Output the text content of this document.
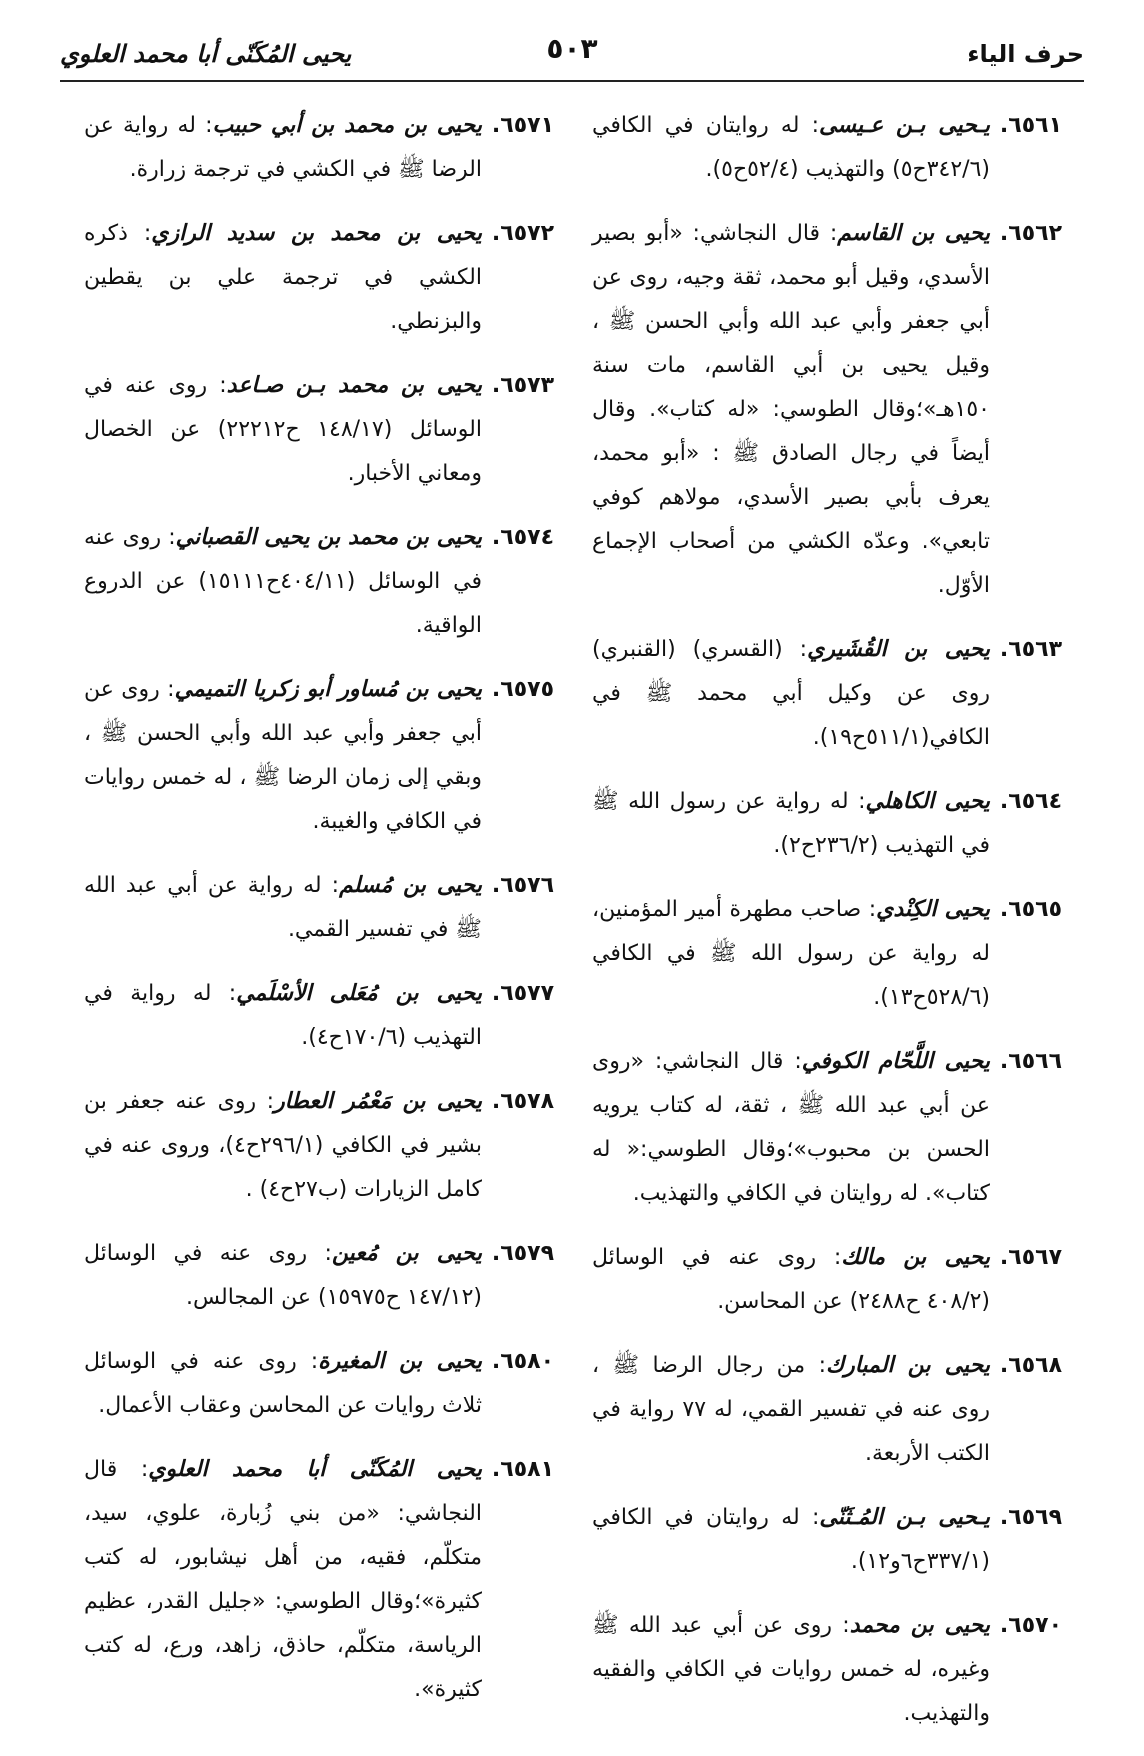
حرف الياء
٥٠٣
يحيى المُكَنّى أبا محمد العلوي

٦٥٦١.
يـحيى بـن عـيسى: له روايتان في الكافي (٣٤٢/٦ح٥) والتهذيب (٥٢/٤ح٥).

٦٥٦٢.
يحيى بن القاسم: قال النجاشي: «أبو بصير الأسدي، وقيل أبو محمد، ثقة وجيه، روى عن أبي جعفر وأبي عبد الله وأبي الحسن ﷺ ، وقيل يحيى بن أبي القاسم، مات سنة ١٥٠هـ»؛وقال الطوسي: «له كتاب». وقال أيضاً في رجال الصادق ﷺ : «أبو محمد، يعرف بأبي بصير الأسدي، مولاهم كوفي تابعي». وعدّه الكشي من أصحاب الإجماع الأوّل.

٦٥٦٣.
يحيى بن القُشَيري: (القسري) (القنبري) روى عن وكيل أبي محمد ﷺ في الكافي(٥١١/١ح١٩).

٦٥٦٤.
يحيى الكاهلي: له رواية عن رسول الله ﷺ في التهذيب (٢٣٦/٢ح٢).

٦٥٦٥.
يحيى الكِنْدي: صاحب مطهرة أمير المؤمنين، له رواية عن رسول الله ﷺ في الكافي (٥٢٨/٦ح١٣).

٦٥٦٦.
يحيى اللَّحّام الكوفي: قال النجاشي: «روى عن أبي عبد الله ﷺ ، ثقة، له كتاب يرويه الحسن بن محبوب»؛وقال الطوسي:« له كتاب». له روايتان في الكافي والتهذيب.

٦٥٦٧.
يحيى بن مالك: روى عنه في الوسائل (٤٠٨/٢ ح٢٤٨٨) عن المحاسن.

٦٥٦٨.
يحيى بن المبارك: من رجال الرضا ﷺ ، روى عنه في تفسير القمي، له ٧٧ رواية في الكتب الأربعة.

٦٥٦٩.
يـحيى بـن المُـثَنّى: له روايتان في الكافي (٣٣٧/١ح٦و١٢).

٦٥٧٠.
يحيى بن محمد: روى عن أبي عبد الله ﷺ وغيره، له خمس روايات في الكافي والفقيه والتهذيب.

٦٥٧١.
يحيى بن محمد بن أبي حبيب: له رواية عن الرضا ﷺ في الكشي في ترجمة زرارة.

٦٥٧٢.
يحيى بن محمد بن سديد الرازي: ذكره الكشي في ترجمة علي بن يقطين والبزنطي.

٦٥٧٣.
يحيى بن محمد بـن صـاعد: روى عنه في الوسائل (١٤٨/١٧ ح٢٢٢١٢) عن الخصال ومعاني الأخبار.

٦٥٧٤.
يحيى بن محمد بن يحيى القصباني: روى عنه في الوسائل (٤٠٤/١١ح١٥١١١) عن الدروع الواقية.

٦٥٧٥.
يحيى بن مُساور أبو زكريا التميمي: روى عن أبي جعفر وأبي عبد الله وأبي الحسن ﷺ ، وبقي إلى زمان الرضا ﷺ ، له خمس روايات في الكافي والغيبة.

٦٥٧٦.
يحيى بن مُسلم: له رواية عن أبي عبد الله ﷺ في تفسير القمي.

٦٥٧٧.
يحيى بن مُعَلى الأسْلَمي: له رواية في التهذيب (١٧٠/٦ح٤).

٦٥٧٨.
يحيى بن مَعْمُر العطار: روى عنه جعفر بن بشير في الكافي (٢٩٦/١ح٤)، وروى عنه في كامل الزيارات (ب٢٧ح٤) .

٦٥٧٩.
يحيى بن مُعين: روى عنه في الوسائل (١٤٧/١٢ ح١٥٩٧٥) عن المجالس.

٦٥٨٠.
يحيى بن المغيرة: روى عنه في الوسائل ثلاث روايات عن المحاسن وعقاب الأعمال.

٦٥٨١.
يحيى المُكَنّى أبا محمد العلوي: قال النجاشي: «من بني زُبارة، علوي، سيد، متكلّم، فقيه، من أهل نيشابور، له كتب كثيرة»؛وقال الطوسي: «جليل القدر، عظيم الرياسة، متكلّم، حاذق، زاهد، ورع، له كتب كثيرة».
